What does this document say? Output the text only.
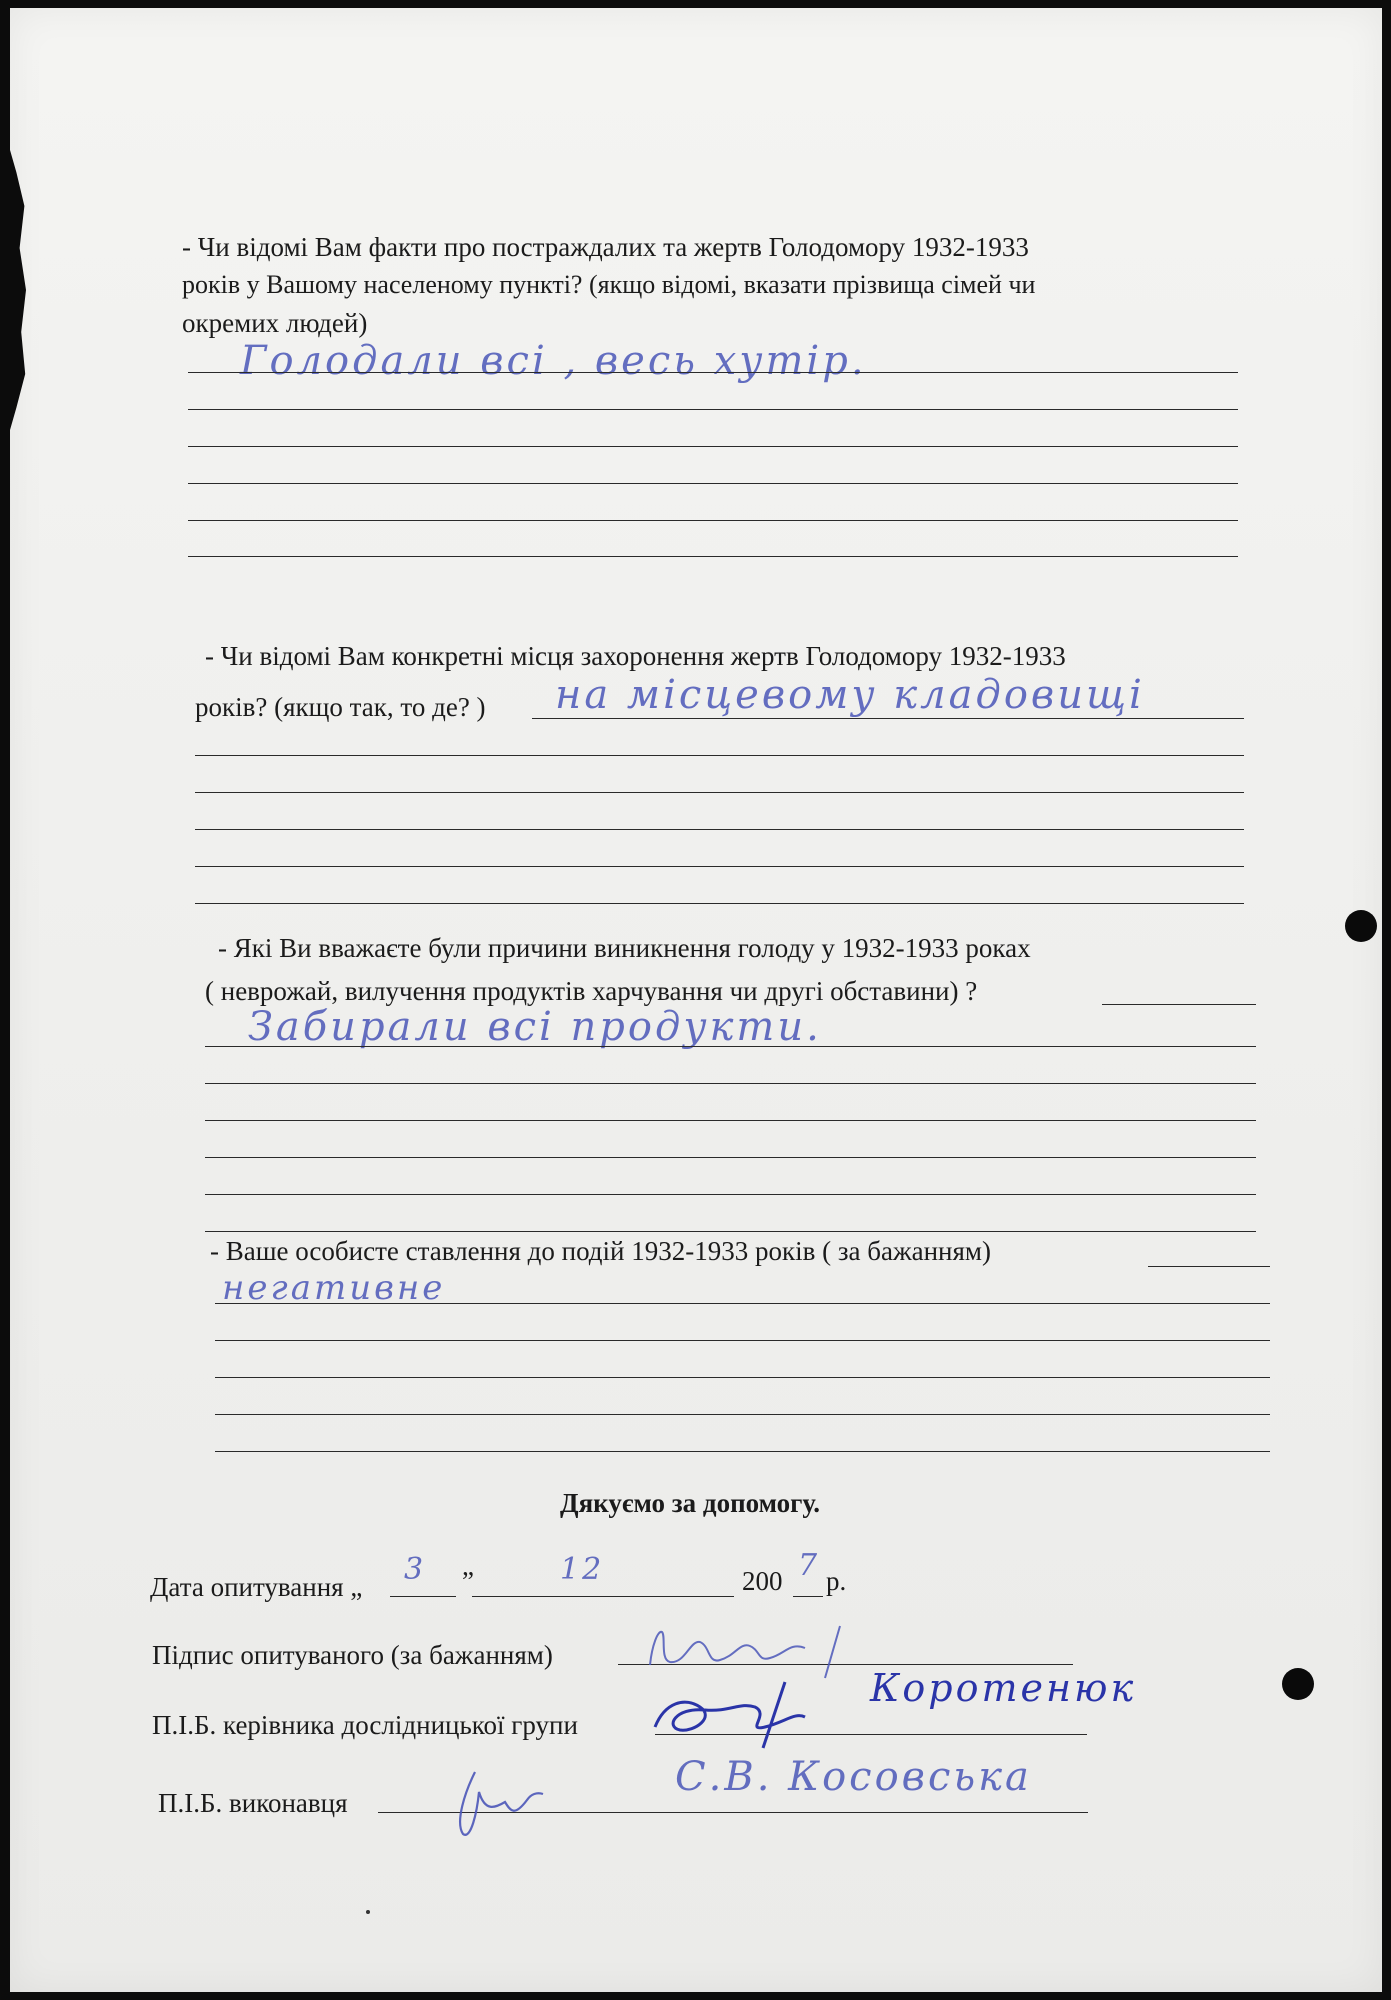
- Чи відомі Вам факти про постраждалих та жертв Голодомору 1932-1933
років у Вашому населеному пункті? (якщо відомі, вказати прізвища сімей чи
окремих людей)
Голодали всі , весь хутір.
- Чи відомі Вам конкретні місця захоронення жертв Голодомору 1932-1933
років? (якщо так, то де? ) на місцевому кладовищі
- Які Ви вважаєте були причини виникнення голоду у 1932-1933 роках
( неврожай, вилучення продуктів харчування чи другі обставини) ?
Забирали всі продукти.
- Ваше особисте ставлення до подій 1932-1933 років ( за бажанням)
негативне
Дякуємо за допомогу.
Дата опитування „ 3 ”	12	200 7 р.
Підпис опитуваного (за бажанням)
П.І.Б. керівника дослідницької групи
Коротенюк
П.І.Б. виконавця
С.В. Косовська
